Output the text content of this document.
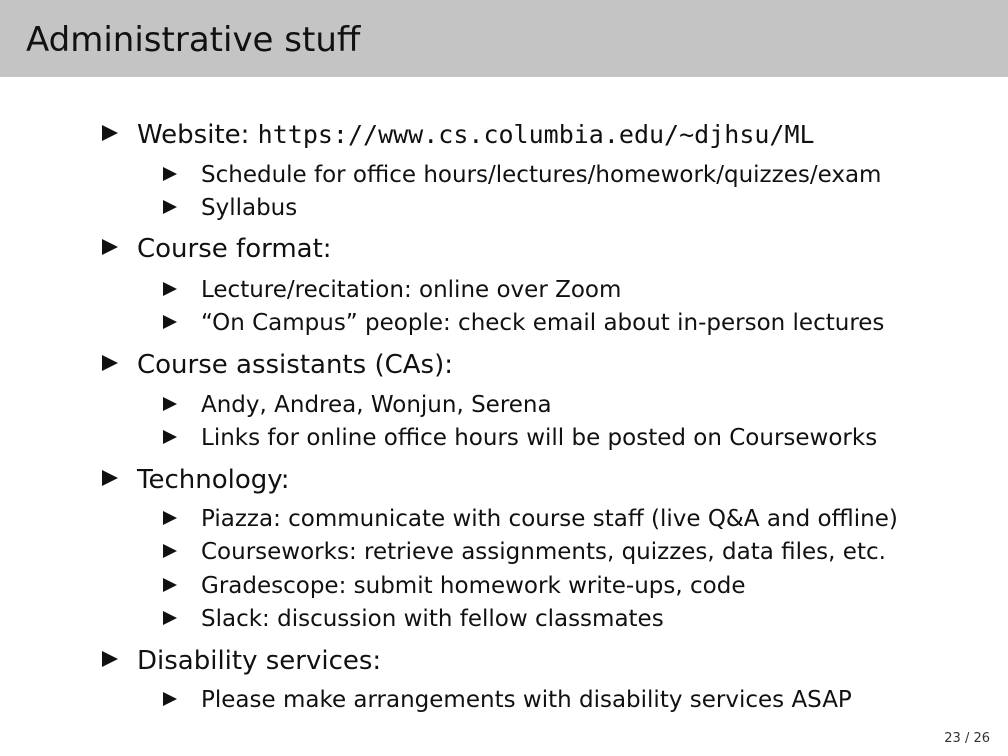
Administrative stuff
Website: https://www.cs.columbia.edu/~djhsu/ML
Schedule for office hours/lectures/homework/quizzes/exam
Syllabus
Course format:
Lecture/recitation: online over Zoom
“On Campus” people: check email about in-person lectures
Course assistants (CAs):
Andy, Andrea, Wonjun, Serena
Links for online office hours will be posted on Courseworks
Technology:
Piazza: communicate with course staff (live Q&A and offline)
Courseworks: retrieve assignments, quizzes, data files, etc.
Gradescope: submit homework write-ups, code
Slack: discussion with fellow classmates
Disability services:
Please make arrangements with disability services ASAP
23 / 26
